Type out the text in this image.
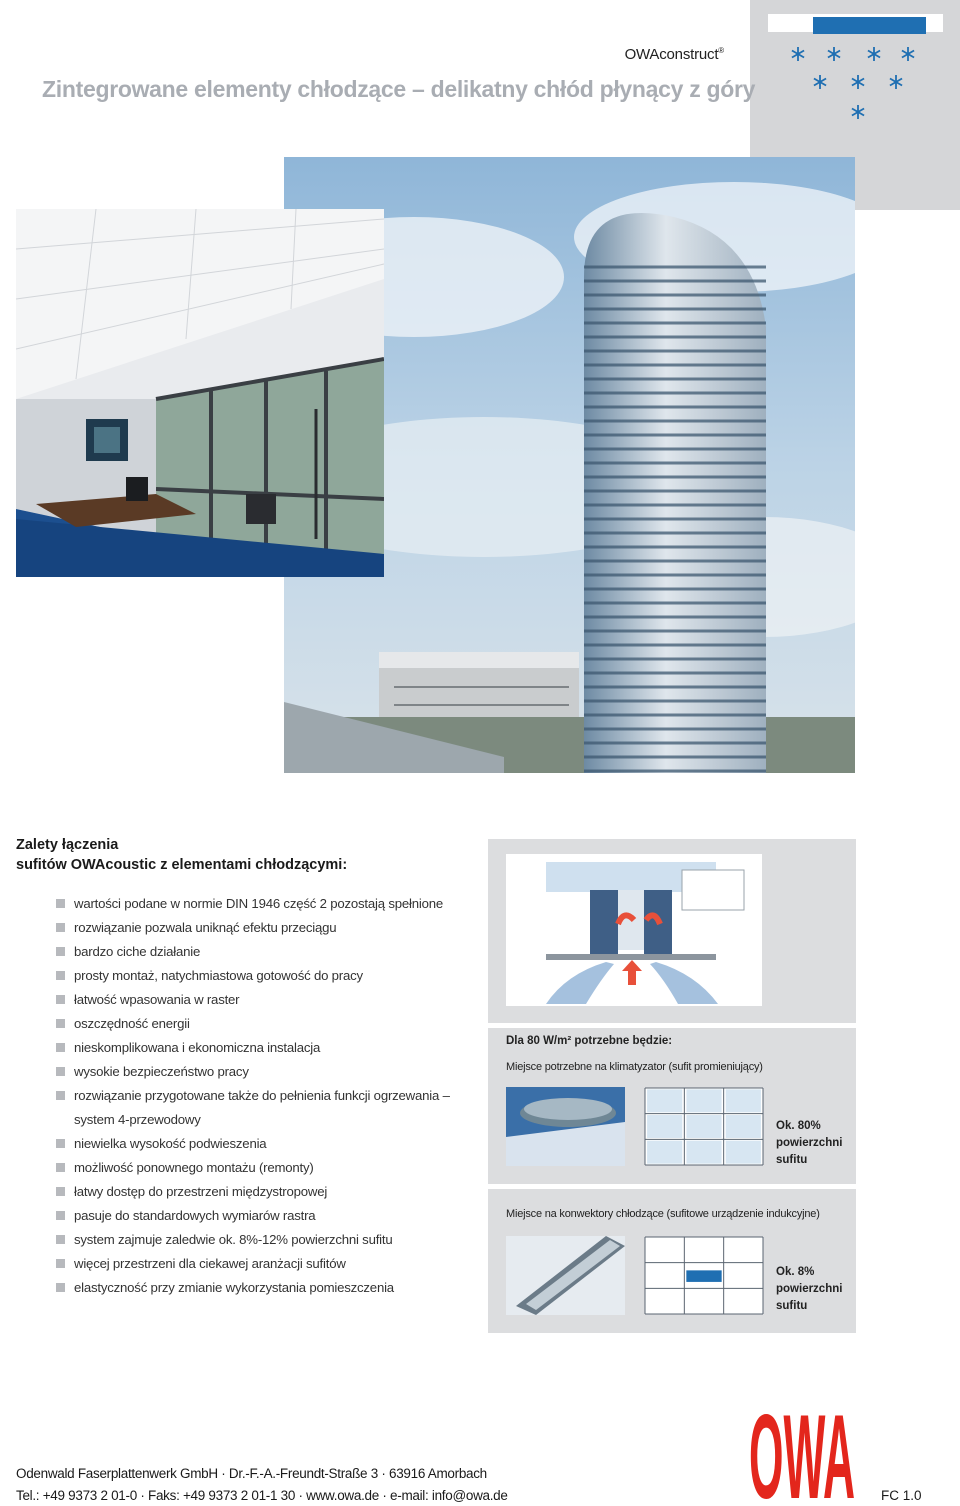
OWAconstruct®
Zintegrowane elementy chłodzące – delikatny chłód płynący z góry
Zalety łączenia
sufitów OWAcoustic z elementami chłodzącymi:
wartości podane w normie DIN 1946 część 2 pozostają spełnione
rozwiązanie pozwala uniknąć efektu przeciągu
bardzo ciche działanie
prosty montaż, natychmiastowa gotowość do pracy
łatwość wpasowania w raster
oszczędność energii
nieskomplikowana i ekonomiczna instalacja
wysokie bezpieczeństwo pracy
rozwiązanie przygotowane także do pełnienia funkcji ogrzewania –
system 4-przewodowy
niewielka wysokość podwieszenia
możliwość ponownego montażu (remonty)
łatwy dostęp do przestrzeni międzystropowej
pasuje do standardowych wymiarów rastra
system zajmuje zaledwie ok. 8%-12% powierzchni sufitu
więcej przestrzeni dla ciekawej aranżacji sufitów
elastyczność przy zmianie wykorzystania pomieszczenia
Dla 80 W/m² potrzebne będzie:
Miejsce potrzebne na klimatyzator (sufit promieniujący)
Ok. 80%
powierzchni
sufitu
Miejsce na konwektory chłodzące (sufitowe urządzenie indukcyjne)
Ok. 8%
powierzchni
sufitu
Odenwald Faserplattenwerk GmbH · Dr.-F.-A.-Freundt-Straße 3 · 63916 Amorbach
Tel.: +49 9373 2 01-0 · Faks: +49 9373 2 01-1 30 · www.owa.de · e-mail: info@owa.de OWA FC 1.0
